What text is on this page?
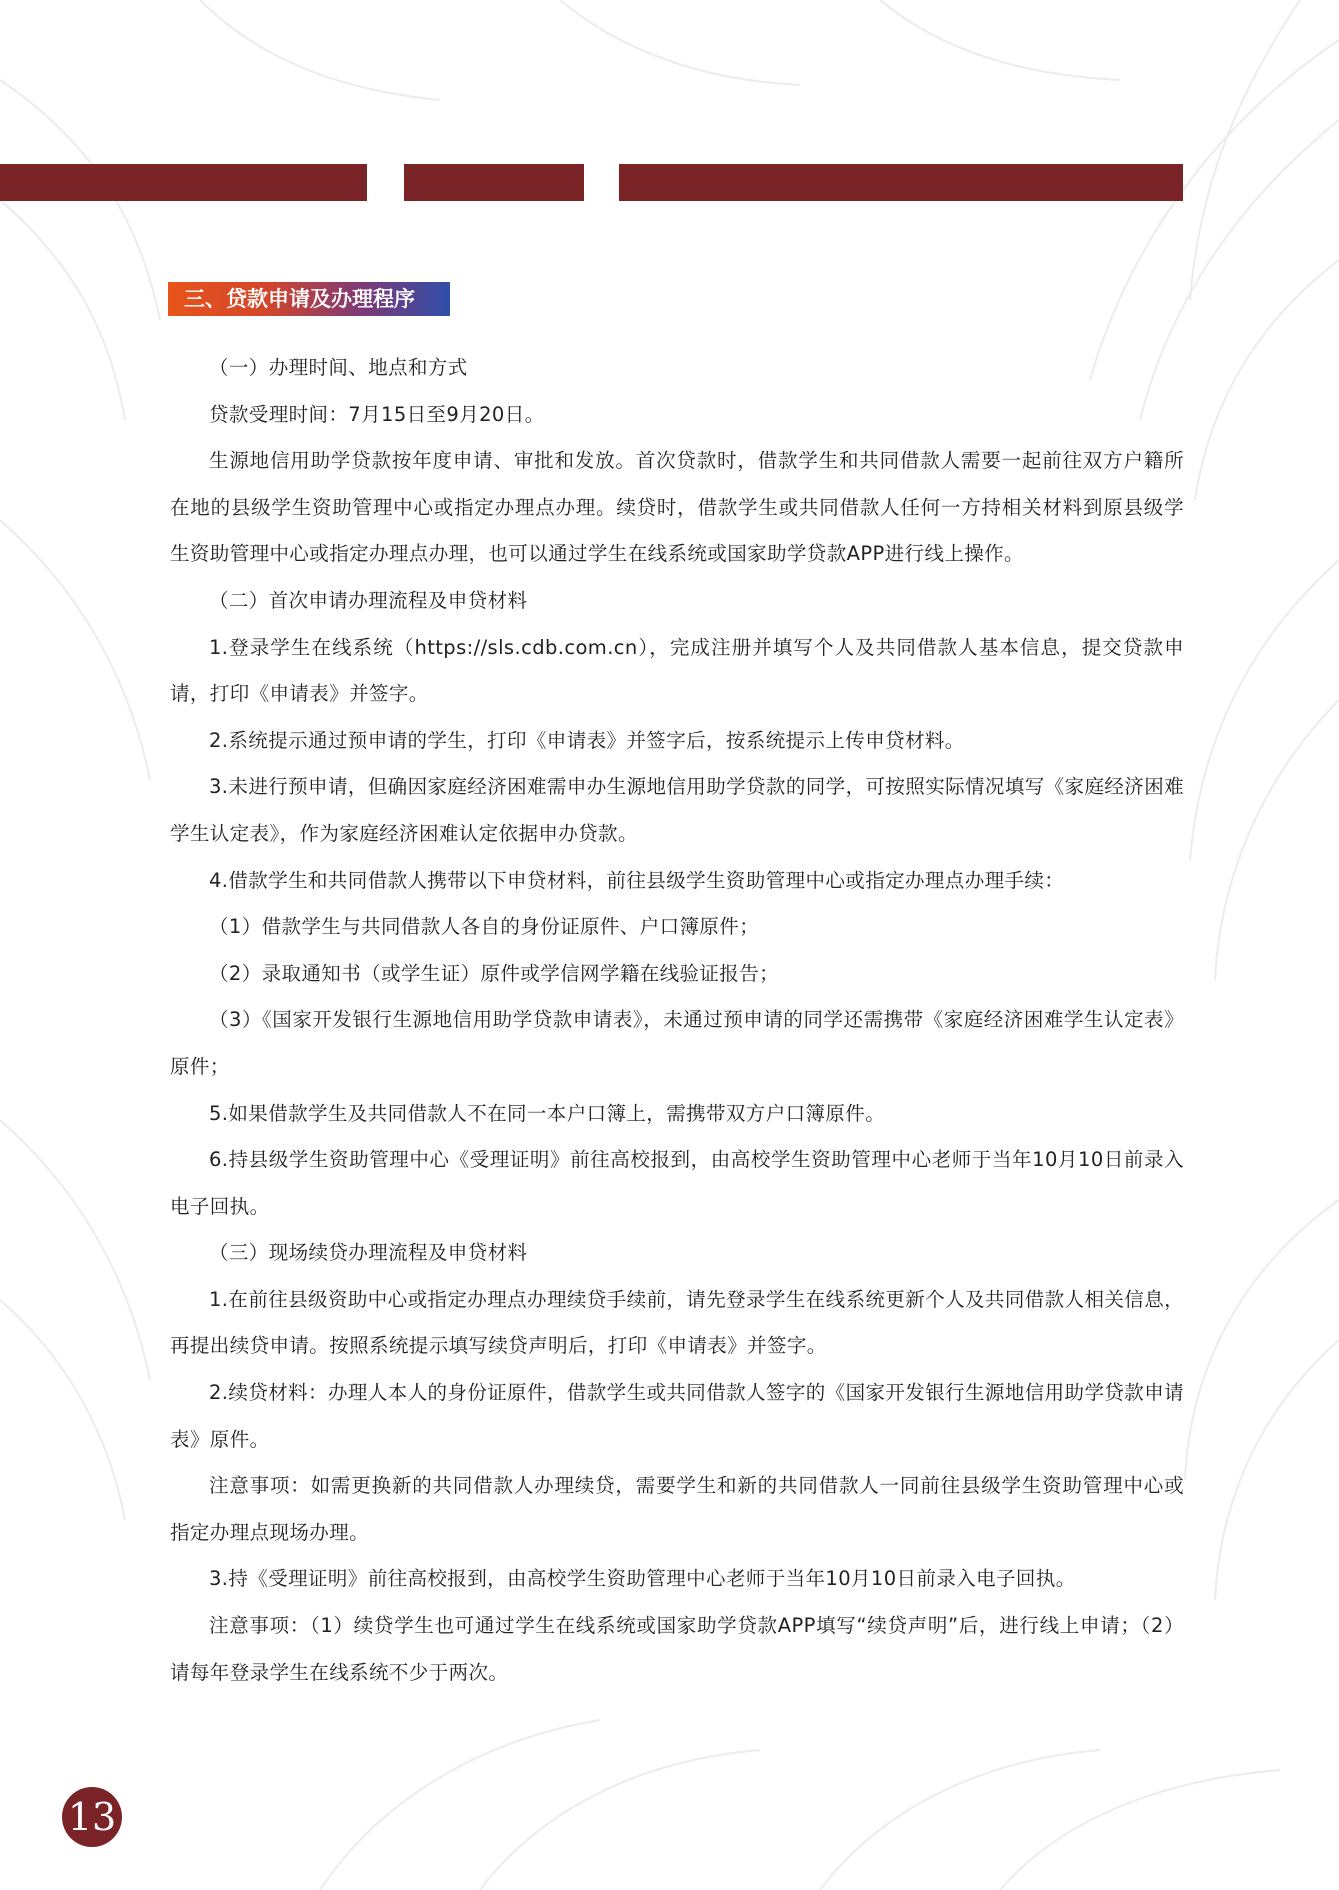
三、贷款申请及办理程序

（一）办理时间、地点和方式

贷款受理时间：7月15日至9月20日。

生源地信用助学贷款按年度申请、审批和发放。首次贷款时，借款学生和共同借款人需要一起前往双方户籍所在地的县级学生资助管理中心或指定办理点办理。续贷时，借款学生或共同借款人任何一方持相关材料到原县级学生资助管理中心或指定办理点办理，也可以通过学生在线系统或国家助学贷款APP进行线上操作。

（二）首次申请办理流程及申贷材料

1.登录学生在线系统（https://sls.cdb.com.cn），完成注册并填写个人及共同借款人基本信息，提交贷款申请，打印《申请表》并签字。

2.系统提示通过预申请的学生，打印《申请表》并签字后，按系统提示上传申贷材料。

3.未进行预申请，但确因家庭经济困难需申办生源地信用助学贷款的同学，可按照实际情况填写《家庭经济困难学生认定表》，作为家庭经济困难认定依据申办贷款。

4.借款学生和共同借款人携带以下申贷材料，前往县级学生资助管理中心或指定办理点办理手续：

（1）借款学生与共同借款人各自的身份证原件、户口簿原件；

（2）录取通知书（或学生证）原件或学信网学籍在线验证报告；

（3）《国家开发银行生源地信用助学贷款申请表》，未通过预申请的同学还需携带《家庭经济困难学生认定表》原件；

5.如果借款学生及共同借款人不在同一本户口簿上，需携带双方户口簿原件。

6.持县级学生资助管理中心《受理证明》前往高校报到，由高校学生资助管理中心老师于当年10月10日前录入电子回执。

（三）现场续贷办理流程及申贷材料

1.在前往县级资助中心或指定办理点办理续贷手续前，请先登录学生在线系统更新个人及共同借款人相关信息，再提出续贷申请。按照系统提示填写续贷声明后，打印《申请表》并签字。

2.续贷材料：办理人本人的身份证原件，借款学生或共同借款人签字的《国家开发银行生源地信用助学贷款申请 表》原件。

注意事项：如需更换新的共同借款人办理续贷，需要学生和新的共同借款人一同前往县级学生资助管理中心或指定办理点现场办理。

3.持《受理证明》前往高校报到，由高校学生资助管理中心老师于当年10月10日前录入电子回执。

注意事项：（1）续贷学生也可通过学生在线系统或国家助学贷款APP填写“续贷声明”后，进行线上申请；（2）请每年登录学生在线系统不少于两次。

13
